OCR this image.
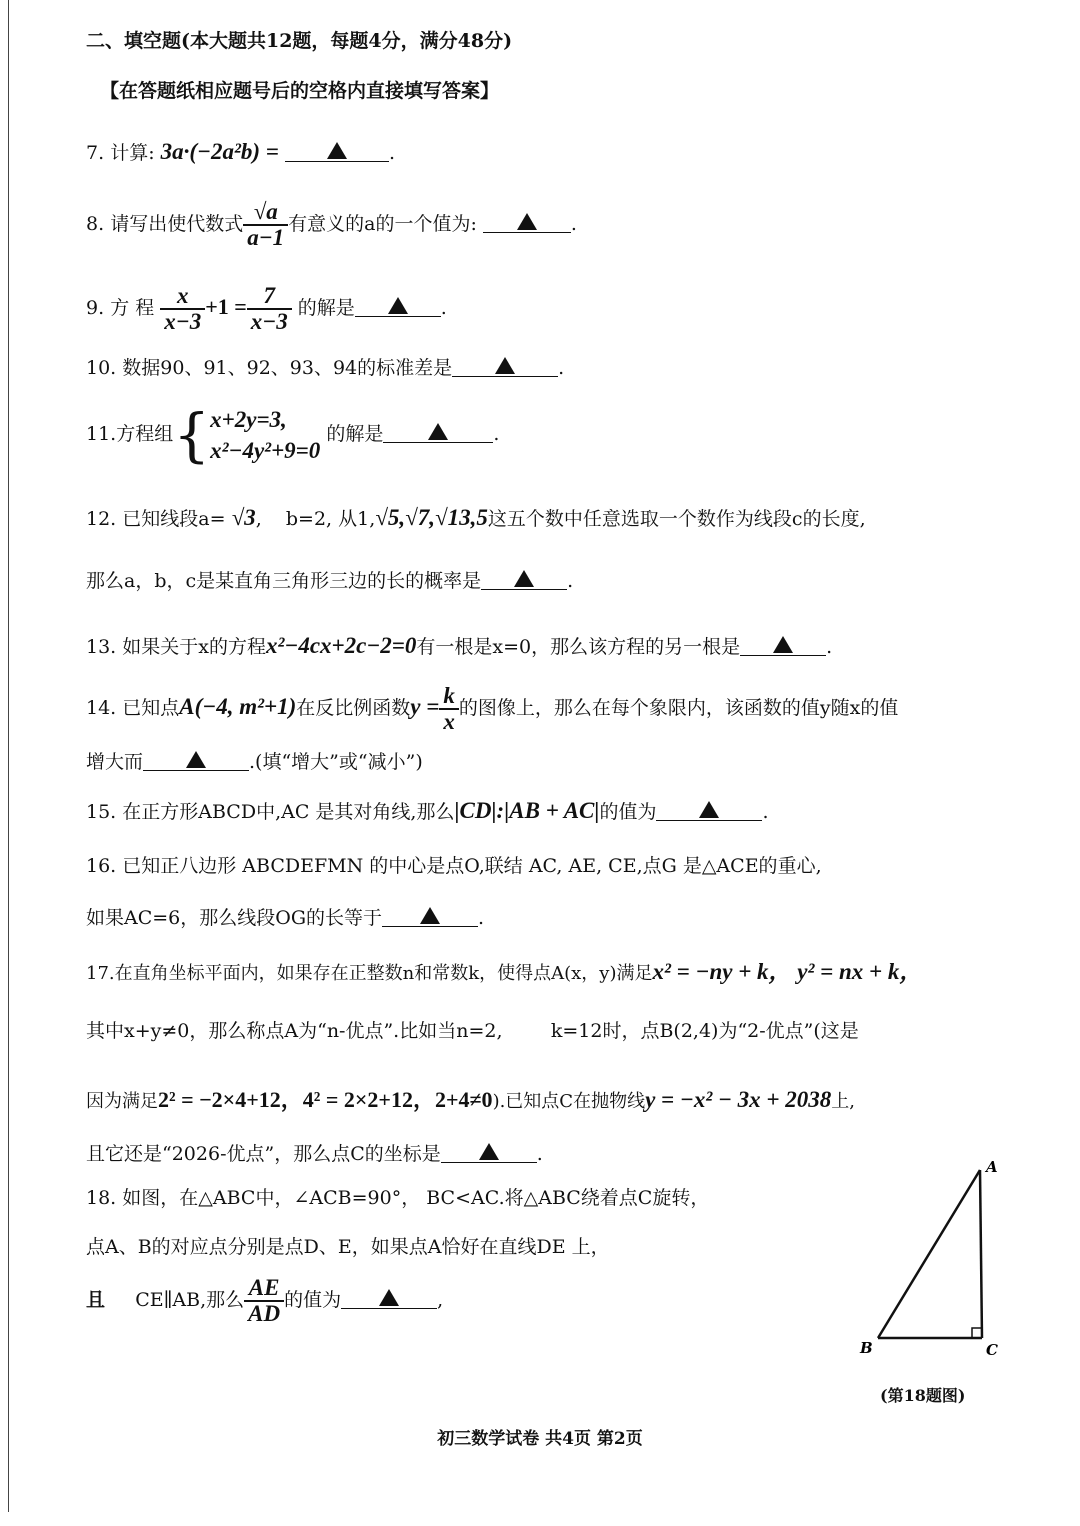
二、填空题(本大题共12题，每题4分，满分48分)
【在答题纸相应题号后的空格内直接填写答案】
7. 计算: 3a·(−2a²b) =	.
8. 请写出使代数式 $\frac{√a}{a-1}$ 有意义的a的一个值为:	.
9. 方 程 $\frac{x}{x-3} +1 = \frac{7}{x-3}$ 的解是	.
10. 数据90、91、92、93、94的标准差是	.
11.方程组{ x+2y=3,
x²−4y²+9=0
的解是	.
12. 已知线段a= √3,    b=2, 从1,√5,√7,√13,5这五个数中任意选取一个数作为线段c的长度,
那么a，b，c是某直角三角形三边的长的概率是	.
13. 如果关于x的方程x²−4cx+2c−2=0有一根是x=0，那么该方程的另一根是	.
14. 已知点A(−4, m²+1)在反比例函数$y = \frac{k}{x}$ 的图像上，那么在每个象限内，该函数的值y随x的值
增大而	.(填“增大”或“减小”)
15. 在正方形ABCD中,AC 是其对角线,那么|CD|:|AB + AC|的值为	.
16. 已知正八边形 ABCDEFMN 的中心是点O,联结 AC, AE, CE,点G 是△ACE的重心,
如果AC=6，那么线段OG的长等于	.
17.在直角坐标平面内，如果存在正整数n和常数k，使得点A(x，y)满足x² = −ny + k， y² = nx + k，
其中x+y≠0，那么称点A为“n-优点”.比如当n=2,	k=12时，点B(2,4)为“2-优点”(这是
因为满足2² = −2×4+12，4² = 2×2+12，2+4≠0).已知点C在抛物线y = −x² − 3x + 2038上,
且它还是“2026-优点”，那么点C的坐标是	.
18. 如图，在△ABC中，∠ACB=90°， BC<AC.将△ABC绕着点C旋转，
点A、B的对应点分别是点D、E，如果点A恰好在直线DE 上，
且 CE∥AB,那么 $\frac{AE}{AD}$ 的值为	,
A
B	C
(第18题图)
初三数学试卷 共4页 第2页
